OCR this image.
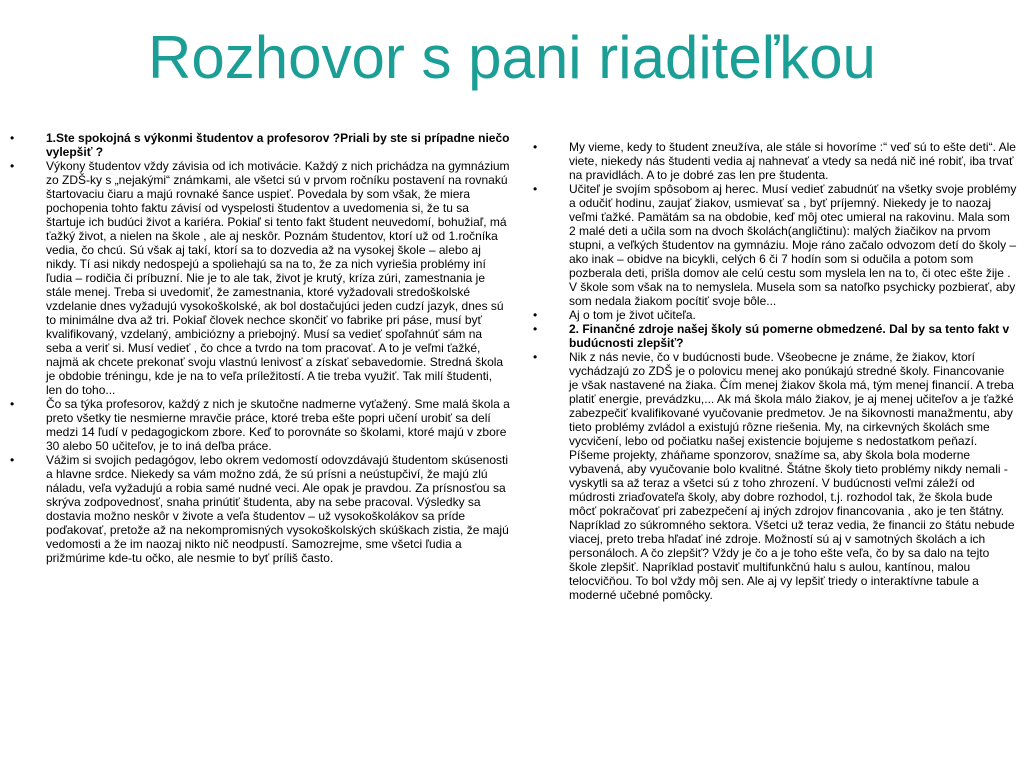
Rozhovor s pani riaditeľkou
•	1.Ste spokojná s výkonmi študentov a profesorov ?Priali by ste si prípadne niečo vylepšiť ?
•	Výkony študentov vždy závisia od ich motivácie. Každý z nich prichádza na gymnázium zo ZDŠ-ky s „nejakými“ známkami, ale všetci sú v prvom ročníku postavení na rovnakú štartovaciu čiaru a majú rovnaké šance uspieť. Povedala by som však, že miera pochopenia tohto faktu závisí od vyspelosti študentov a uvedomenia si, že tu sa štartuje ich budúci život a kariéra. Pokiaľ si tento fakt študent neuvedomí, bohužiaľ, má ťažký život, a nielen na škole , ale aj neskôr. Poznám študentov, ktorí už od 1.ročníka vedia, čo chcú. Sú však aj takí, ktorí sa to dozvedia až na vysokej škole – alebo aj nikdy. Tí asi nikdy nedospejú a spoliehajú sa na to, že za nich vyriešia problémy iní ľudia – rodičia či príbuzní. Nie je to ale tak, život je krutý, kríza zúri, zamestnania je stále menej. Treba si uvedomiť, že zamestnania, ktoré vyžadovali stredoškolské vzdelanie dnes vyžadujú vysokoškolské, ak bol dostačujúci jeden cudzí jazyk, dnes sú to minimálne dva až tri. Pokiaľ človek nechce skončiť vo fabrike pri páse, musí byť kvalifikovaný, vzdelaný, ambiciózny a priebojný. Musí sa vedieť spoľahnúť sám na seba a veriť si. Musí vedieť , čo chce a tvrdo na tom pracovať. A to je veľmi ťažké, najmä ak chcete prekonať svoju vlastnú lenivosť a získať sebavedomie. Stredná škola je obdobie tréningu, kde je na to veľa príležitostí. A tie treba využiť. Tak milí študenti, len do toho...
•	Čo sa týka profesorov, každý z nich je skutočne nadmerne vyťažený. Sme malá škola a preto všetky tie nesmierne mravčie práce, ktoré treba ešte popri učení urobiť sa delí medzi 14 ľudí v pedagogickom zbore. Keď to porovnáte so školami, ktoré majú v zbore 30 alebo 50 učiteľov, je to iná deľba práce.
•	Vážim si svojich pedagógov, lebo okrem vedomostí odovzdávajú študentom skúsenosti a hlavne srdce. Niekedy sa vám možno zdá, že sú prísni a neústupčiví, že majú zlú náladu, veľa vyžadujú a robia samé nudné veci. Ale opak je pravdou. Za prísnosťou sa skrýva zodpovednosť, snaha prinútiť študenta, aby na sebe pracoval. Výsledky sa dostavia možno neskôr v živote a veľa študentov – už vysokoškolákov sa príde poďakovať, pretože až na nekompromisných vysokoškolských skúškach zistia, že majú vedomosti a že im naozaj nikto nič neodpustí. Samozrejme, sme všetci ľudia a prižmúrime kde-tu očko, ale nesmie to byť príliš často.
•	My vieme, kedy to študent zneužíva, ale stále si hovoríme :“ veď sú to ešte deti“. Ale viete, niekedy nás študenti vedia aj nahnevať a vtedy sa nedá nič iné robiť, iba trvať na pravidlách. A to je dobré zas len pre študenta.
•	Učiteľ je svojím spôsobom aj herec. Musí vedieť zabudnúť na všetky svoje problémy a odučiť hodinu, zaujať žiakov, usmievať sa , byť príjemný. Niekedy je to naozaj veľmi ťažké. Pamätám sa na obdobie, keď môj otec umieral na rakovinu. Mala som 2 malé deti a učila som na dvoch školách(angličtinu): malých žiačikov na prvom stupni, a veľkých študentov na gymnáziu. Moje ráno začalo odvozom detí do školy – ako inak – obidve na bicykli, celých 6 či 7 hodín som si odučila a potom som pozberala deti, prišla domov ale celú cestu som myslela len na to, či otec ešte žije . V škole som však na to nemyslela. Musela som sa natoľko psychicky pozbierať, aby som nedala žiakom pocítiť svoje bôle...
•	Aj o tom je život učiteľa.
•	2. Finančné zdroje našej školy sú pomerne obmedzené. Dal by sa tento fakt v budúcnosti zlepšiť?
•	Nik z nás nevie, čo v budúcnosti bude. Všeobecne je známe, že žiakov, ktorí vychádzajú zo ZDŠ je o polovicu menej ako ponúkajú stredné školy. Financovanie je však nastavené na žiaka. Čím menej žiakov škola má, tým menej financií. A treba platiť energie, prevádzku,... Ak má škola málo žiakov, je aj menej učiteľov a je ťažké zabezpečiť kvalifikované vyučovanie predmetov. Je na šikovnosti manažmentu, aby tieto problémy zvládol a existujú rôzne riešenia. My, na cirkevných školách sme vycvičení, lebo od počiatku našej existencie bojujeme s nedostatkom peňazí. Píšeme projekty, zháňame sponzorov, snažíme sa, aby škola bola moderne vybavená, aby vyučovanie bolo kvalitné. Štátne školy tieto problémy nikdy nemali - vyskytli sa až teraz a všetci sú z toho zhrození. V budúcnosti veľmi záleží od múdrosti zriaďovateľa školy, aby dobre rozhodol, t.j. rozhodol tak, že škola bude môcť pokračovať pri zabezpečení aj iných zdrojov financovania , ako je ten štátny. Napríklad zo súkromného sektora. Všetci už teraz vedia, že financii zo štátu nebude viacej, preto treba hľadať iné zdroje. Možností sú aj v samotných školách a ich personáloch. A čo zlepšiť? Vždy je čo a je toho ešte veľa, čo by sa dalo na tejto škole zlepšiť. Napríklad postaviť multifunkčnú halu s aulou, kantínou, malou telocvičňou. To bol vždy môj sen. Ale aj vy lepšiť triedy o interaktívne tabule a moderné učebné pomôcky.
